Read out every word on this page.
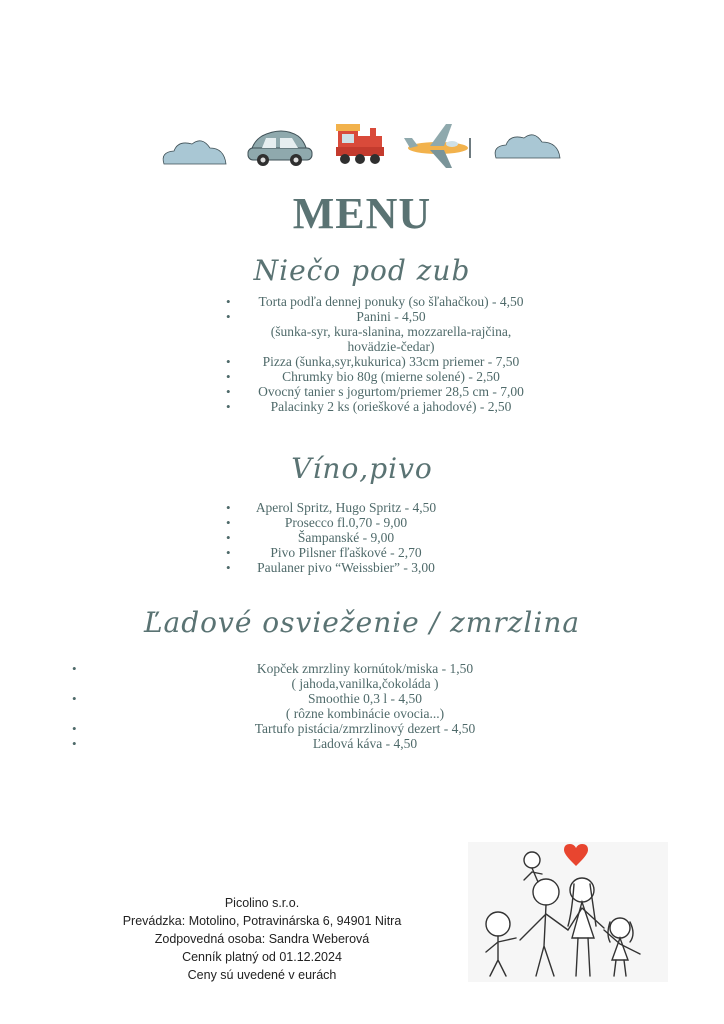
MENU
Niečo pod zub
• Torta podľa dennej ponuky (so šľahačkou) - 4,50
•	Panini - 4,50
(šunka-syr, kura-slanina, mozzarella-rajčina,
hovädzie-čedar)
• Pizza (šunka,syr,kukurica) 33cm priemer - 7,50
•	Chrumky bio 80g (mierne solené) - 2,50
• Ovocný tanier s jogurtom/priemer 28,5 cm - 7,00
•	Palacinky 2 ks (orieškové a jahodové) - 2,50
Víno,pivo
• Aperol Spritz, Hugo Spritz - 4,50
•	Prosecco fl.0,70 - 9,00
•	Šampanské - 9,00
•	Pivo Pilsner fľaškové - 2,70
• Paulaner pivo “Weissbier” - 3,00
Ľadové osvieženie / zmrzlina
•	Kopček zmrzliny kornútok/miska - 1,50
( jahoda,vanilka,čokoláda )
•	Smoothie 0,3 l - 4,50
( rôzne kombinácie ovocia...)
•	Tartufo pistácia/zmrzlinový dezert - 4,50
•	Ľadová káva - 4,50
Picolino s.r.o.
Prevádzka: Motolino, Potravinárska 6, 94901 Nitra
Zodpovedná osoba: Sandra Weberová
Cenník platný od 01.12.2024
Ceny sú uvedené v eurách
